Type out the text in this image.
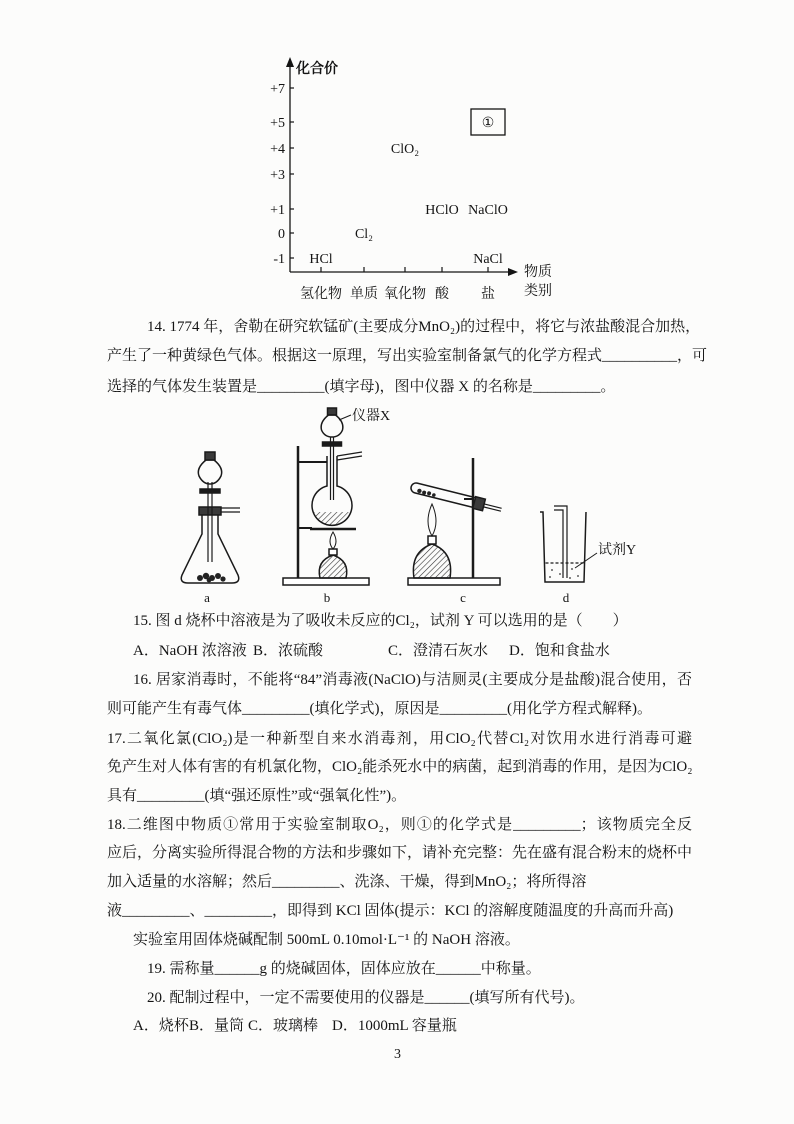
化合价
物质
类别
+7
+5
+4
+3
+1
0
-1
氢化物 单质 氧化物 酸 盐
HCl
Cl₂
ClO₂
HClO NaClO
NaCl
①
14. 1774 年，舍勒在研究软锰矿(主要成分MnO₂)的过程中，将它与浓盐酸混合加热，
产生了一种黄绿色气体。根据这一原理，写出实验室制备氯气的化学方程式__________，可
选择的气体发生装置是_________(填字母)，图中仪器 X 的名称是_________。
a
仪器X
b	c
试剂Y
d
15. 图 d 烧杯中溶液是为了吸收未反应的Cl₂，试剂 Y 可以选用的是（　　）
A．NaOH 浓溶液 B．浓硫酸	C．澄清石灰水 D．饱和食盐水
16. 居家消毒时，不能将“84”消毒液(NaClO)与洁厕灵(主要成分是盐酸)混合使用，否
则可能产生有毒气体_________(填化学式)，原因是_________(用化学方程式解释)。
17.二氧化氯(ClO₂)是一种新型自来水消毒剂，用ClO₂代替Cl₂对饮用水进行消毒可避
免产生对人体有害的有机氯化物，ClO₂能杀死水中的病菌，起到消毒的作用，是因为ClO₂
具有_________(填“强还原性”或“强氧化性”)。
18.二维图中物质①常用于实验室制取O₂，则①的化学式是_________；该物质完全反
应后，分离实验所得混合物的方法和步骤如下，请补充完整：先在盛有混合粉末的烧杯中
加入适量的水溶解；然后_________、洗涤、干燥，得到MnO₂；将所得溶
液_________、_________，即得到 KCl 固体(提示：KCl 的溶解度随温度的升高而升高)
实验室用固体烧碱配制 500mL 0.10mol·L⁻¹ 的 NaOH 溶液。
19. 需称量______g 的烧碱固体，固体应放在______中称量。
20. 配制过程中，一定不需要使用的仪器是______(填写所有代号)。
A．烧杯 B．量筒 C．玻璃棒 D．1000mL 容量瓶
3
